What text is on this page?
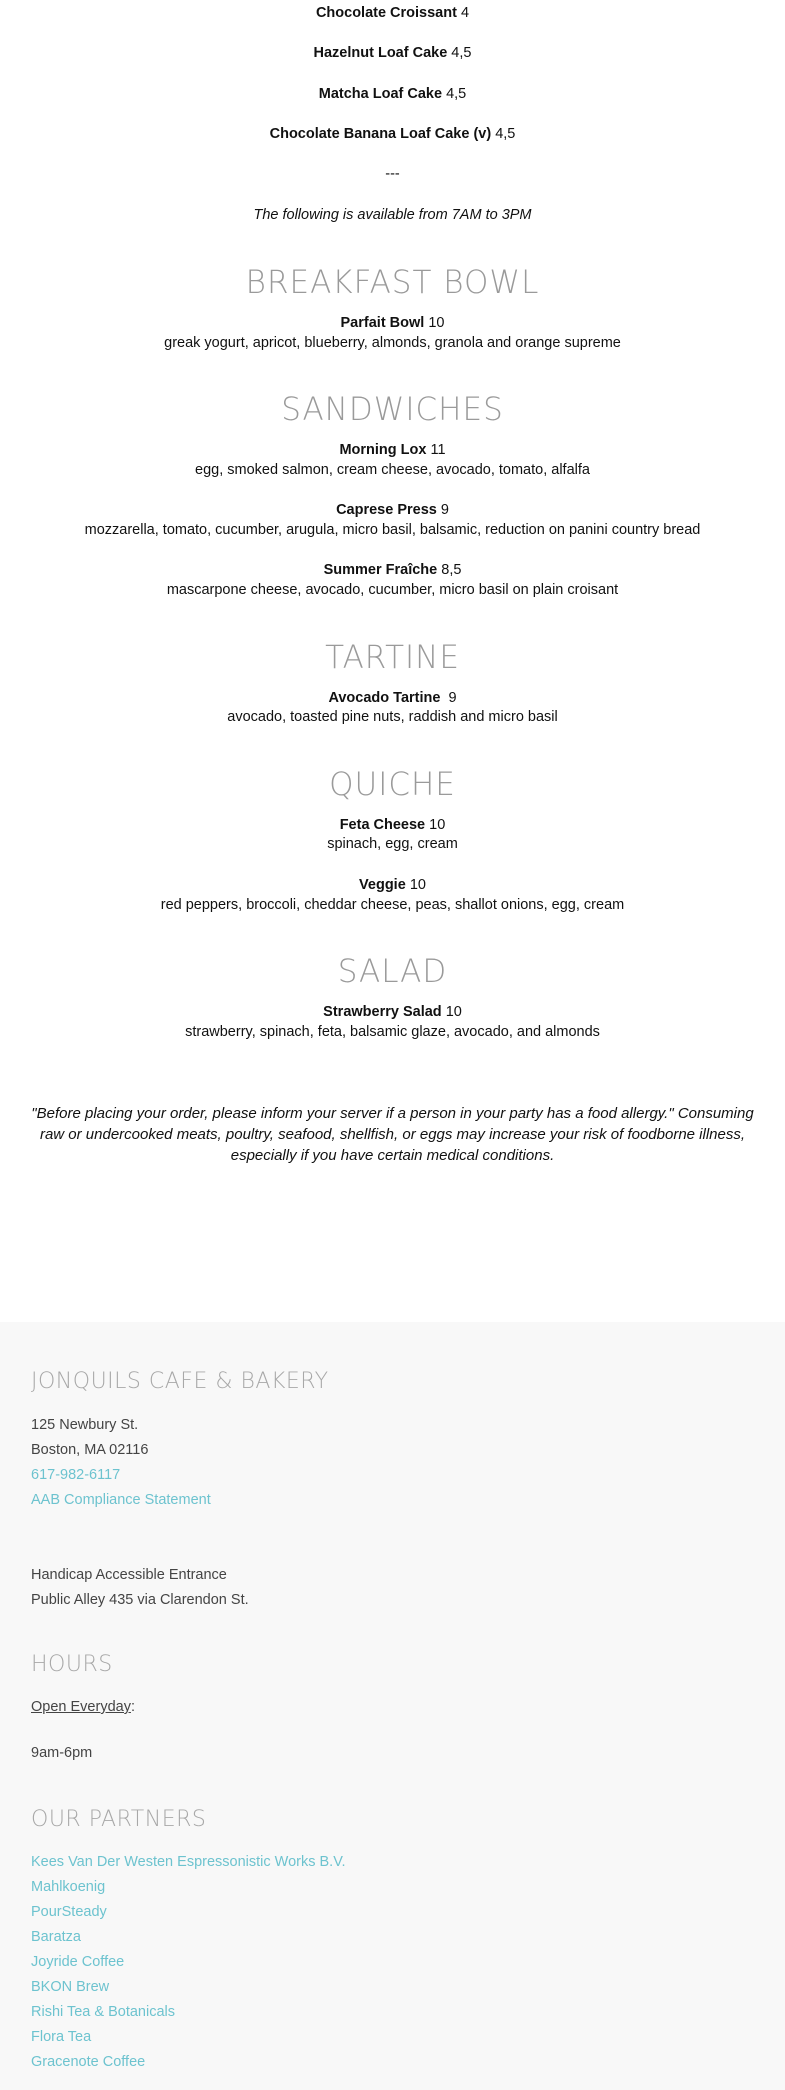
Chocolate Croissant 4
Hazelnut Loaf Cake 4,5
Matcha Loaf Cake 4,5
Chocolate Banana Loaf Cake (v) 4,5
---
The following is available from 7AM to 3PM
BREAKFAST BOWL
Parfait Bowl 10
greak yogurt, apricot, blueberry, almonds, granola and orange supreme
SANDWICHES
Morning Lox 11
egg, smoked salmon, cream cheese, avocado, tomato, alfalfa
Caprese Press 9
mozzarella, tomato, cucumber, arugula, micro basil, balsamic, reduction on panini country bread
Summer Fraîche 8,5
mascarpone cheese, avocado, cucumber, micro basil on plain croisant
TARTINE
Avocado Tartine  9
avocado, toasted pine nuts, raddish and micro basil
QUICHE
Feta Cheese 10
spinach, egg, cream
Veggie 10
red peppers, broccoli, cheddar cheese, peas, shallot onions, egg, cream
SALAD
Strawberry Salad 10
strawberry, spinach, feta, balsamic glaze, avocado, and almonds
"Before placing your order, please inform your server if a person in your party has a food allergy." Consuming raw or undercooked meats, poultry, seafood, shellfish, or eggs may increase your risk of foodborne illness, especially if you have certain medical conditions.
JONQUILS CAFE & BAKERY
125 Newbury St.
Boston, MA 02116
617-982-6117
AAB Compliance Statement
Handicap Accessible Entrance
Public Alley 435 via Clarendon St.
HOURS
Open Everyday:
9am-6pm
OUR PARTNERS
Kees Van Der Westen Espressonistic Works B.V.
Mahlkoenig
PourSteady
Baratza
Joyride Coffee
BKON Brew
Rishi Tea & Botanicals
Flora Tea
Gracenote Coffee
